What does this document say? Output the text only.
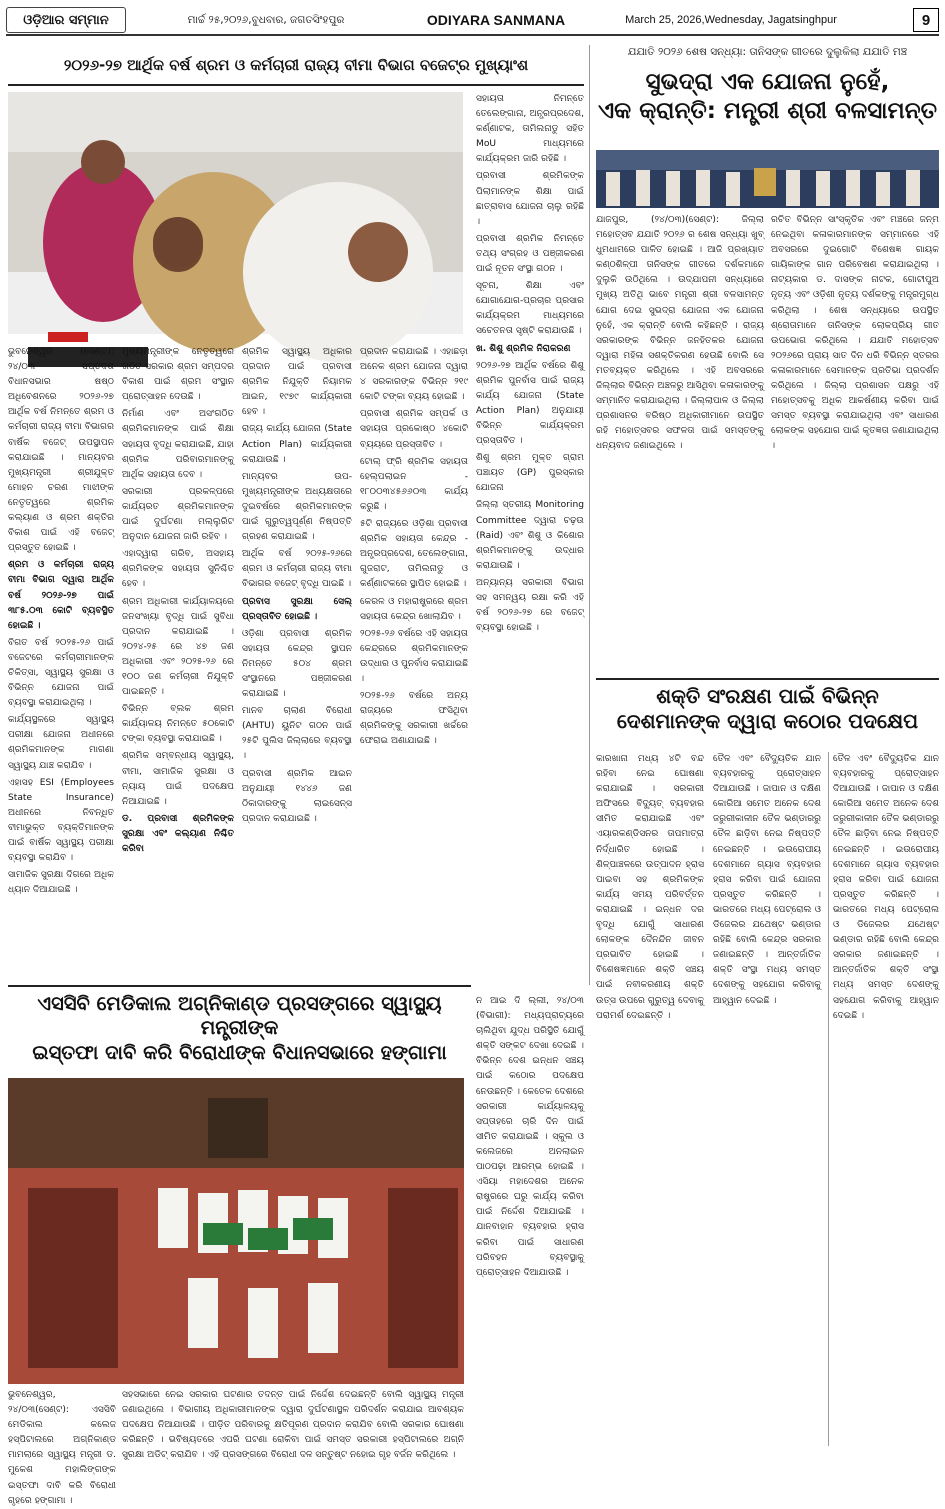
ଓଡ଼ିଆର ସମ୍ମାନ	ମାର୍ଚ୍ଚ ୨୫,୨୦୨୬,ବୁଧବାର, ଜଗତସିଂହପୁର	ODIYARA SANMANA	March 25, 2026,Wednesday, Jagatsinghpur	9
୨୦୨୬-୨୭ ଆର୍ଥିକ ବର୍ଷ ଶ୍ରମ ଓ କର୍ମଚାରୀ ରାଜ୍ୟ ବୀମା ବିଭାଗ ବଜେଟ୍‌ର ମୁଖ୍ୟାଂଶ

ଭୁବନେଶ୍ୱର (ସେଣ୍ଟ): ୨୪/୦୩ ସପ୍ତଦଶ ବିଧାନସଭାର ଷଷ୍ଠ ଅଧିବେଶନରେ ୨୦୨୬-୨୭ ଆର୍ଥିକ ବର୍ଷ ନିମନ୍ତେ ଶ୍ରମ ଓ କର୍ମଚାରୀ ରାଜ୍ୟ ବୀମା ବିଭାଗର ବାର୍ଷିକ ବଜେଟ୍ ଉପସ୍ଥାପନ କରାଯାଇଛି । ମାନ୍ୟବର ମୁଖ୍ୟମନ୍ତ୍ରୀ ଶ୍ରୀଯୁକ୍ତ ମୋହନ ଚରଣ ମାଝୀଙ୍କ ନେତୃତ୍ୱରେ ଶ୍ରମିକ କଲ୍ୟାଣ ଓ ଶ୍ରମ ଶକ୍ତିର ବିକାଶ ପାଇଁ ଏହି ବଜେଟ୍ ପ୍ରସ୍ତୁତ ହୋଇଛି ।

ଶ୍ରମ ଓ କର୍ମଚାରୀ ରାଜ୍ୟ ବୀମା ବିଭାଗ ଦ୍ୱାରା ଆର୍ଥିକ ବର୍ଷ ୨୦୨୬-୨୭ ପାଇଁ ୩୮୫.୦୩ କୋଟି ବ୍ୟବସ୍ଥିତ ହୋଇଛି ।

ବିଗତ ବର୍ଷ ୨୦୨୫-୨୬ ପାଇଁ ବଜେଟରେ କର୍ମଚାରୀମାନଙ୍କ ଚିକିତ୍ସା, ସ୍ୱାସ୍ଥ୍ୟ ସୁରକ୍ଷା ଓ ବିଭିନ୍ନ ଯୋଜନା ପାଇଁ ବ୍ୟବସ୍ଥା କରାଯାଇଥିଲା ।

କାର୍ଯ୍ୟସ୍ଥଳରେ ସ୍ୱାସ୍ଥ୍ୟ ପରୀକ୍ଷା ଯୋଜନା ଅଧୀନରେ ଶ୍ରମିକମାନଙ୍କ ମାଗଣା ସ୍ୱାସ୍ଥ୍ୟ ଯାଞ୍ଚ କରାଯିବ ।

ଏହାସହ ESI (Employees State Insurance) ଅଧୀନରେ ନିବନ୍ଧିତ ବୀମାଭୁକ୍ତ ବ୍ୟକ୍ତିମାନଙ୍କ ପାଇଁ ବାର୍ଷିକ ସ୍ୱାସ୍ଥ୍ୟ ପରୀକ୍ଷା ବ୍ୟବସ୍ଥା କରାଯିବ ।

ସାମାଜିକ ସୁରକ୍ଷା ଦିଗରେ ଅଧିକ ଧ୍ୟାନ ଦିଆଯାଇଛି ।

ମୁଖ୍ୟମନ୍ତ୍ରୀଙ୍କ ନେତୃତ୍ୱରେ ଗଠିତ ସରକାର ଶ୍ରମ ସମ୍ପଦର ବିକାଶ ପାଇଁ ଶ୍ରମ ସଂସ୍ଥାନ ପ୍ରୋତ୍ସାହନ ଦେଉଛି ।

ନିର୍ମାଣ ଏବଂ ଅସଂଗଠିତ ଶ୍ରମିକମାନଙ୍କ ପାଇଁ ଶିକ୍ଷା ସହାୟତା ବୃଦ୍ଧି କରାଯାଇଛି, ଯାହା ଶ୍ରମିକ ପରିବାରମାନଙ୍କୁ ଆର୍ଥିକ ସହାୟତା ଦେବ ।

ସରକାରୀ ପ୍ରକଳ୍ପରେ କାର୍ଯ୍ୟରତ ଶ୍ରମିକମାନଙ୍କ ପାଇଁ ଦୁର୍ଘଟଣା ମଲ୍ଲୁରିଟ ଅନୁଦାନ ଯୋଜନା ଜାରି ରହିବ ।

ଏହାଦ୍ୱାରା ଗରିବ, ଅସହାୟ ଶ୍ରମିକଙ୍କ ସହାୟତା ସୁନିଶ୍ଚିତ ହେବ ।

ଶ୍ରମ ଅଧିକାରୀ କାର୍ଯ୍ୟାଳୟରେ ଜନସଂଖ୍ୟା ବୃଦ୍ଧି ପାଇଁ ସୁବିଧା ପ୍ରଦାନ କରାଯାଇଛି । ୨୦୨୪-୨୫ ରେ ୪୭ ଜଣ ଅଧିକାରୀ ଏବଂ ୨୦୨୫-୨୬ ରେ ୧୦୦ ଜଣ କର୍ମଚାରୀ ନିଯୁକ୍ତି ପାଇଛନ୍ତି ।

ବିଭିନ୍ନ ବ୍ଲକ ଶ୍ରମ କାର୍ଯ୍ୟାଳୟ ନିମନ୍ତେ ୫୦କୋଟି ଟଙ୍କା ବ୍ୟବସ୍ଥା କରାଯାଇଛି ।

ଶ୍ରମିକ ସମ୍ବନ୍ଧୀୟ ସ୍ୱାସ୍ଥ୍ୟ, ବୀମା, ସାମାଜିକ ସୁରକ୍ଷା ଓ ନ୍ୟାୟ ପାଇଁ ପଦକ୍ଷେପ ନିଆଯାଇଛି ।

ଡ. ପ୍ରବାସୀ ଶ୍ରମିକଙ୍କ ସୁରକ୍ଷା ଏବଂ କଲ୍ୟାଣ ନିଶ୍ଚିତ କରିବା

ଶ୍ରମିକ ସ୍ୱାସ୍ଥ୍ୟ ଅଧିକାର ପ୍ରଦାନ ପାଇଁ ପ୍ରବାସୀ ଶ୍ରମିକ ନିଯୁକ୍ତି ନିୟାମକ ଆଇନ, ୧୯୭୯ କାର୍ଯ୍ୟକାରୀ ହେବ ।

ରାଜ୍ୟ କାର୍ଯ୍ୟ ଯୋଜନା (State Action Plan) କାର୍ଯ୍ୟକାରୀ କରାଯାଉଛି ।

ମାନ୍ୟବର ଉପ-ମୁଖ୍ୟମନ୍ତ୍ରୀଙ୍କ ଅଧ୍ୟକ୍ଷତାରେ ଦୁଇବର୍ଷରେ ଶ୍ରମିକମାନଙ୍କ ପାଇଁ ଗୁରୁତ୍ୱପୂର୍ଣ୍ଣ ନିଷ୍ପତ୍ତି ଗ୍ରହଣ କରାଯାଇଛି ।

ଆର୍ଥିକ ବର୍ଷ ୨୦୨୫-୨୬ରେ ଶ୍ରମ ଓ କର୍ମଚାରୀ ରାଜ୍ୟ ବୀମା ବିଭାଗର ବଜେଟ୍ ବୃଦ୍ଧି ପାଇଛି ।

ପ୍ରବାସ ସୁରକ୍ଷା ସେଲ୍‌ ପ୍ରସ୍ତାବିତ ହୋଇଛି ।

ଓଡ଼ିଶା ପ୍ରବାସୀ ଶ୍ରମିକ ସହାୟତା କେନ୍ଦ୍ର ସ୍ଥାପନ ନିମନ୍ତେ ୫୦୪ ଶ୍ରମ ସଂସ୍ଥାନରେ ପଞ୍ଜୀକରଣ କରାଯାଇଛି ।

ମାନବ ଚାଲାଣ ବିରୋଧୀ (AHTU) ୟୁନିଟ ଗଠନ ପାଇଁ ୨୫ଟି ପୁଲିସ ଜିଲ୍ଲାରେ ବ୍ୟବସ୍ଥା ।

ପ୍ରବାସୀ ଶ୍ରମିକ ଆଇନ ଅନୁଯାୟୀ ୧୪୪୬ ଜଣ ଠିକାଦାରଙ୍କୁ ଲାଇସେନ୍ସ ପ୍ରଦାନ କରାଯାଇଛି ।

ପ୍ରଦାନ କରାଯାଇଛି । ଏହାଛଡ଼ା ଅନେକ ଶ୍ରମ ଯୋଜନା ଦ୍ୱାରା ୪ ସରକାରଙ୍କ ବିଭିନ୍ନ ୨୧୯ କୋଟି ଟଙ୍କା ବ୍ୟୟ ହୋଇଛି ।

ପ୍ରବାସୀ ଶ୍ରମିକ ସମ୍ପର୍କ ଓ ସହାୟତା ପ୍ରକୋଷ୍ଠ ୪କୋଟି ବ୍ୟୟରେ ପ୍ରସ୍ତାବିତ ।

ଟୋଲ୍ ଫ୍ରି ଶ୍ରମିକ ସହାୟତା ହେଲ୍ପଲାଇନ - ୧୮୦୦୩୪୫୬୬୦୩ କାର୍ଯ୍ୟ କରୁଛି ।

୫ଟି ରାଜ୍ୟରେ ଓଡ଼ିଶା ପ୍ରବାସୀ ଶ୍ରମିକ ସହାୟତା କେନ୍ଦ୍ର - ଅନ୍ଧ୍ରପ୍ରଦେଶ, ତେଲେଙ୍ଗାନା, ଗୁଜରାଟ, ତାମିଲନାଡୁ ଓ କର୍ଣ୍ଣାଟକରେ ସ୍ଥାପିତ ହୋଇଛି ।

କେରଳ ଓ ମହାରାଷ୍ଟ୍ରରେ ଶ୍ରମ ସହାୟତା କେନ୍ଦ୍ର ଖୋଲାଯିବ ।

୨୦୨୫-୨୬ ବର୍ଷରେ ଏହି ସହାୟତା କେନ୍ଦ୍ରରେ ଶ୍ରମିକମାନଙ୍କ ଉଦ୍ଧାର ଓ ପୁନର୍ବାସ କରାଯାଇଛି ।

୨୦୨୫-୨୬ ବର୍ଷରେ ଅନ୍ୟ ରାଜ୍ୟରେ ଫସିଥିବା ଶ୍ରମିକଙ୍କୁ ସରକାରୀ ଖର୍ଚ୍ଚରେ ଫେରାଇ ଅଣାଯାଇଛି ।

ସହାୟତା ନିମନ୍ତେ ତେଲେଙ୍ଗାନା, ଅନ୍ଧ୍ରପ୍ରଦେଶ, କର୍ଣ୍ଣାଟକ, ତାମିଲନାଡୁ ସହିତ MoU ମାଧ୍ୟମରେ କାର୍ଯ୍ୟକ୍ରମ ଜାରି ରହିଛି ।

ପ୍ରବାସୀ ଶ୍ରମିକଙ୍କ ପିଲାମାନଙ୍କ ଶିକ୍ଷା ପାଇଁ ଛାତ୍ରାବାସ ଯୋଜନା ଚାଲୁ ରହିଛି ।

ପ୍ରବାସୀ ଶ୍ରମିକ ନିମନ୍ତେ ତଥ୍ୟ ସଂଗ୍ରହ ଓ ପଞ୍ଜୀକରଣ ପାଇଁ ନୂତନ ସଂସ୍ଥା ଗଠନ ।

ସୂଚନା, ଶିକ୍ଷା ଏବଂ ଯୋଗାଯୋଗ-ପ୍ରଚାର ପ୍ରସାର କାର୍ଯ୍ୟକ୍ରମ ମାଧ୍ୟମରେ ସଚେତନତା ସୃଷ୍ଟି କରାଯାଉଛି ।

ଖ. ଶିଶୁ ଶ୍ରମିକ ନିରାକରଣ

୨୦୨୬-୨୭ ଆର୍ଥିକ ବର୍ଷରେ ଶିଶୁ ଶ୍ରମିକ ପୁନର୍ବାସ ପାଇଁ ରାଜ୍ୟ କାର୍ଯ୍ୟ ଯୋଜନା (State Action Plan) ଅନୁଯାୟୀ ବିଭିନ୍ନ କାର୍ଯ୍ୟକ୍ରମ ପ୍ରସ୍ତାବିତ ।

ଶିଶୁ ଶ୍ରମ ମୁକ୍ତ ଗ୍ରାମ ପଞ୍ଚାୟତ (GP) ପୁରସ୍କାର ଯୋଜନା

ଜିଲ୍ଲା ସ୍ତରୀୟ Monitoring Committee ଦ୍ୱାରା ଚଢ଼ଉ (Raid) ଏବଂ ଶିଶୁ ଓ କିଶୋର ଶ୍ରମିକମାନଙ୍କୁ ଉଦ୍ଧାର କରାଯାଉଛି ।

ଅନ୍ୟାନ୍ୟ ସରକାରୀ ବିଭାଗ ସହ ସମନ୍ୱୟ ରକ୍ଷା କରି ଏହି ବର୍ଷ ୨୦୨୬-୨୭ ରେ ବଜେଟ୍ ବ୍ୟବସ୍ଥା ହୋଇଛି ।

ଯଯାତି ୨୦୨୬ ଶେଷ ସନ୍ଧ୍ୟା: ତାନିସଙ୍କ ଗୀତରେ ଦୁଲୁକିଲା ଯଯାତି ମଞ୍ଚ
ସୁଭଦ୍ରା ଏକ ଯୋଜନା ନୁହେଁ,
ଏକ କ୍ରାନ୍ତି: ମନ୍ତ୍ରୀ ଶ୍ରୀ ବଳସାମନ୍ତ

ଯାଜପୁର, (୨୪/୦୩)(ସେଣ୍ଟ): ଜିଲ୍ଲା ମହୋତ୍ସବ ଯଯାତି ୨୦୨୬ ର ଶେଷ ସନ୍ଧ୍ୟା ଖୁବ୍ ଧୁମଧାମରେ ପାଳିତ ହୋଇଛି । ଆଜି ପ୍ରଖ୍ୟାତ କଣ୍ଠଶିଳ୍ପୀ ତାନିସଙ୍କ ଗୀତରେ ଦର୍ଶକମାନେ ଦୁଲୁକି ଉଠିଥିଲେ । ଉଦ୍‌ଯାପନୀ ସନ୍ଧ୍ୟାରେ ମୁଖ୍ୟ ଅତିଥି ଭାବେ ମନ୍ତ୍ରୀ ଶ୍ରୀ ବଳସାମନ୍ତ ଯୋଗ ଦେଇ ସୁଭଦ୍ରା ଯୋଜନା ଏକ ଯୋଜନା ନୁହେଁ, ଏକ କ୍ରାନ୍ତି ବୋଲି କହିଛନ୍ତି । ରାଜ୍ୟ ସରକାରଙ୍କ ବିଭିନ୍ନ ଜନହିତକର ଯୋଜନା ଦ୍ୱାରା ମହିଳା ସଶକ୍ତିକରଣ ହେଉଛି ବୋଲି ସେ ମତବ୍ୟକ୍ତ କରିଥିଲେ । ଏହି ଅବସରରେ ଜିଲ୍ଲାର ବିଭିନ୍ନ ଅଞ୍ଚଳରୁ ଆସିଥିବା କଳାକାରଙ୍କୁ ସମ୍ମାନିତ କରାଯାଇଥିଲା । ଜିଲ୍ଲାପାଳ ଓ ଜିଲ୍ଲା ପ୍ରଶାସନର ବରିଷ୍ଠ ଅଧିକାରୀମାନେ ଉପସ୍ଥିତ ରହି ମହୋତ୍ସବର ସଫଳତା ପାଇଁ ସମସ୍ତଙ୍କୁ ଧନ୍ୟବାଦ ଜଣାଇଥିଲେ ।

ରଚିତ ବିଭିନ୍ନ ସାଂସ୍କୃତିକ ଏବଂ ମଞ୍ଚରେ ଜନ୍ମ ନେଇଥିବା କଳାକାରମାନଙ୍କ ସମ୍ମାନରେ ଏହି ଅବସରରେ ଦୁଇଗୋଟି ବିଶେଷଜ୍ଞ ଗାୟକ ଗାୟିକାଙ୍କ ଗାନ ପରିବେଷଣ କରାଯାଇଥିଲା । ନାଟ୍ୟକାର ଡ. ଦାସଙ୍କ ନାଟକ, ଗୋଟୀପୁଅ ନୃତ୍ୟ ଏବଂ ଓଡ଼ିଶୀ ନୃତ୍ୟ ଦର୍ଶକଙ୍କୁ ମନ୍ତ୍ରମୁଗ୍ଧ କରିଥିଲା । ଶେଷ ସନ୍ଧ୍ୟାରେ ଉପସ୍ଥିତ ଶ୍ରୋତାମାନେ ତାନିସଙ୍କ ଲୋକପ୍ରିୟ ଗୀତ ଉପଭୋଗ କରିଥିଲେ । ଯଯାତି ମହୋତ୍ସବ ୨୦୨୬ରେ ପ୍ରାୟ ସାତ ଦିନ ଧରି ବିଭିନ୍ନ ସ୍ତରର କଳାକାରମାନେ ସେମାନଙ୍କ ପ୍ରତିଭା ପ୍ରଦର୍ଶନ କରିଥିଲେ । ଜିଲ୍ଲା ପ୍ରଶାସନ ପକ୍ଷରୁ ଏହି ମହୋତ୍ସବକୁ ଅଧିକ ଆକର୍ଷଣୀୟ କରିବା ପାଇଁ ସମସ୍ତ ବ୍ୟବସ୍ଥା କରାଯାଇଥିଲା ଏବଂ ସାଧାରଣ ଲୋକଙ୍କ ସହଯୋଗ ପାଇଁ କୃତଜ୍ଞତା ଜଣାଯାଇଥିଲା ।

ଶକ୍ତି ସଂରକ୍ଷଣ ପାଇଁ ବିଭିନ୍ନ
ଦେଶମାନଙ୍କ ଦ୍ୱାରା କଠୋର ପଦକ୍ଷେପ

ନ ଆଇ ଦି ଲ୍ଲୀ, ୨୪/୦୩ (ବିଭାଗୀ): ମଧ୍ୟପ୍ରାଚ୍ୟରେ ଚାଲିଥିବା ଯୁଦ୍ଧ ପରିସ୍ଥିତି ଯୋଗୁଁ ଶକ୍ତି ସଙ୍କଟ ଦେଖା ଦେଇଛି । ବିଭିନ୍ନ ଦେଶ ଇନ୍ଧନ ସଞ୍ଚୟ ପାଇଁ କଠୋର ପଦକ୍ଷେପ ନେଉଛନ୍ତି । କେତେକ ଦେଶରେ ସରକାରୀ କାର୍ଯ୍ୟାଳୟକୁ ସପ୍ତାହରେ ଚାରି ଦିନ ପାଇଁ ସୀମିତ କରାଯାଇଛି । ସ୍କୁଲ ଓ କଲେଜରେ ଅନଲାଇନ ପାଠପଢ଼ା ଆରମ୍ଭ ହୋଇଛି । ଏସିୟା ମହାଦେଶର ଅନେକ ରାଷ୍ଟ୍ରରେ ଘରୁ କାର୍ଯ୍ୟ କରିବା ପାଇଁ ନିର୍ଦ୍ଦେଶ ଦିଆଯାଇଛି । ଯାନବାହାନ ବ୍ୟବହାର ହ୍ରାସ କରିବା ପାଇଁ ସାଧାରଣ ପରିବହନ ବ୍ୟବସ୍ଥାକୁ ପ୍ରୋତ୍ସାହନ ଦିଆଯାଉଛି ।

କାରଖାନା ମଧ୍ୟ ୪ଟି ବନ୍ଦ ରହିବା ନେଇ ଘୋଷଣା କରାଯାଇଛି । ସରକାରୀ ଅଫିସରେ ବିଦ୍ୟୁତ୍ ବ୍ୟବହାର ସୀମିତ କରାଯାଇଛି ଏବଂ ଏୟାରକଣ୍ଡିସନର ତାପମାତ୍ରା ନିର୍ଦ୍ଧାରିତ ହୋଇଛି । ଶିଳ୍ପାଞ୍ଚଳରେ ଉତ୍ପାଦନ ହ୍ରାସ ପାଇବା ସହ ଶ୍ରମିକଙ୍କ କାର୍ଯ୍ୟ ସମୟ ପରିବର୍ତ୍ତନ କରାଯାଇଛି । ଇନ୍ଧନ ଦର ବୃଦ୍ଧି ଯୋଗୁଁ ସାଧାରଣ ଲୋକଙ୍କ ଦୈନନ୍ଦିନ ଜୀବନ ପ୍ରଭାବିତ ହୋଇଛି । ବିଶେଷଜ୍ଞମାନେ ଶକ୍ତି ସଞ୍ଚୟ ପାଇଁ ନବୀକରଣୀୟ ଶକ୍ତି ଉତ୍ସ ଉପରେ ଗୁରୁତ୍ୱ ଦେବାକୁ ପରାମର୍ଶ ଦେଇଛନ୍ତି ।

ତୈଳ ଏବଂ ବୈଦ୍ୟୁତିକ ଯାନ ବ୍ୟବହାରକୁ ପ୍ରୋତ୍ସାହନ ଦିଆଯାଉଛି । ଜାପାନ ଓ ଦକ୍ଷିଣ କୋରିଆ ସମେତ ଅନେକ ଦେଶ ଜରୁରୀକାଳୀନ ତୈଳ ଭଣ୍ଡାରରୁ ତୈଳ ଛାଡ଼ିବା ନେଇ ନିଷ୍ପତ୍ତି ନେଇଛନ୍ତି । ଇଉରୋପୀୟ ଦେଶମାନେ ଗ୍ୟାସ ବ୍ୟବହାର ହ୍ରାସ କରିବା ପାଇଁ ଯୋଜନା ପ୍ରସ୍ତୁତ କରିଛନ୍ତି । ଭାରତରେ ମଧ୍ୟ ପେଟ୍ରୋଲ ଓ ଡିଜେଲର ଯଥେଷ୍ଟ ଭଣ୍ଡାର ରହିଛି ବୋଲି କେନ୍ଦ୍ର ସରକାର ଜଣାଇଛନ୍ତି । ଆନ୍ତର୍ଜାତିକ ଶକ୍ତି ସଂସ୍ଥା ମଧ୍ୟ ସମସ୍ତ ଦେଶଙ୍କୁ ସହଯୋଗ କରିବାକୁ ଆହ୍ୱାନ ଦେଇଛି ।

ତୈଳ ଏବଂ ବୈଦ୍ୟୁତିକ ଯାନ ବ୍ୟବହାରକୁ ପ୍ରୋତ୍ସାହନ ଦିଆଯାଉଛି । ଜାପାନ ଓ ଦକ୍ଷିଣ କୋରିଆ ସମେତ ଅନେକ ଦେଶ ଜରୁରୀକାଳୀନ ତୈଳ ଭଣ୍ଡାରରୁ ତୈଳ ଛାଡ଼ିବା ନେଇ ନିଷ୍ପତ୍ତି ନେଇଛନ୍ତି । ଇଉରୋପୀୟ ଦେଶମାନେ ଗ୍ୟାସ ବ୍ୟବହାର ହ୍ରାସ କରିବା ପାଇଁ ଯୋଜନା ପ୍ରସ୍ତୁତ କରିଛନ୍ତି । ଭାରତରେ ମଧ୍ୟ ପେଟ୍ରୋଲ ଓ ଡିଜେଲର ଯଥେଷ୍ଟ ଭଣ୍ଡାର ରହିଛି ବୋଲି କେନ୍ଦ୍ର ସରକାର ଜଣାଇଛନ୍ତି । ଆନ୍ତର୍ଜାତିକ ଶକ୍ତି ସଂସ୍ଥା ମଧ୍ୟ ସମସ୍ତ ଦେଶଙ୍କୁ ସହଯୋଗ କରିବାକୁ ଆହ୍ୱାନ ଦେଇଛି ।

ଏସସିବି ମେଡିକାଲ ଅଗ୍ନିକାଣ୍ଡ ପ୍ରସଙ୍ଗରେ ସ୍ୱାସ୍ଥ୍ୟ ମନ୍ତ୍ରୀଙ୍କ
ଇସ୍ତଫା ଦାବି କରି ବିରୋଧୀଙ୍କ ବିଧାନସଭାରେ ହଙ୍ଗାମା

ଭୁବନେଶ୍ୱର, ୨୪/୦୩(ସେଣ୍ଟ): ଏସସିବି ମେଡିକାଲ କଲେଜ ହସ୍ପିଟାଲରେ ଅଗ୍ନିକାଣ୍ଡ ମାମଲାରେ ସ୍ୱାସ୍ଥ୍ୟ ମନ୍ତ୍ରୀ ଡ. ମୁକେଶ ମହାଲିଙ୍ଗଙ୍କ ଇସ୍ତଫା ଦାବି କରି ବିରୋଧୀ ଗୃହରେ ହଙ୍ଗାମା ।

ସହସଭାରେ ନେଇ ସରକାର ଘଟଣାର ତଦନ୍ତ ପାଇଁ ନିର୍ଦ୍ଦେଶ ଦେଇଛନ୍ତି ବୋଲି ସ୍ୱାସ୍ଥ୍ୟ ମନ୍ତ୍ରୀ ଜଣାଇଥିଲେ । ବିଭାଗୀୟ ଅଧିକାରୀମାନଙ୍କ ଦ୍ୱାରା ଦୁର୍ଘଟଣାସ୍ଥଳ ପରିଦର୍ଶନ କରାଯାଇ ଆବଶ୍ୟକ ପଦକ୍ଷେପ ନିଆଯାଉଛି । ପୀଡ଼ିତ ପରିବାରକୁ କ୍ଷତିପୂରଣ ପ୍ରଦାନ କରାଯିବ ବୋଲି ସରକାର ଘୋଷଣା କରିଛନ୍ତି । ଭବିଷ୍ୟତରେ ଏପରି ଘଟଣା ରୋକିବା ପାଇଁ ସମସ୍ତ ସରକାରୀ ହସ୍ପିଟାଲରେ ଅଗ୍ନି ସୁରକ୍ଷା ଅଡିଟ୍ କରାଯିବ । ଏହି ପ୍ରସଙ୍ଗରେ ବିରୋଧୀ ଦଳ ସନ୍ତୁଷ୍ଟ ନହୋଇ ଗୃହ ବର୍ଜନ କରିଥିଲେ ।
